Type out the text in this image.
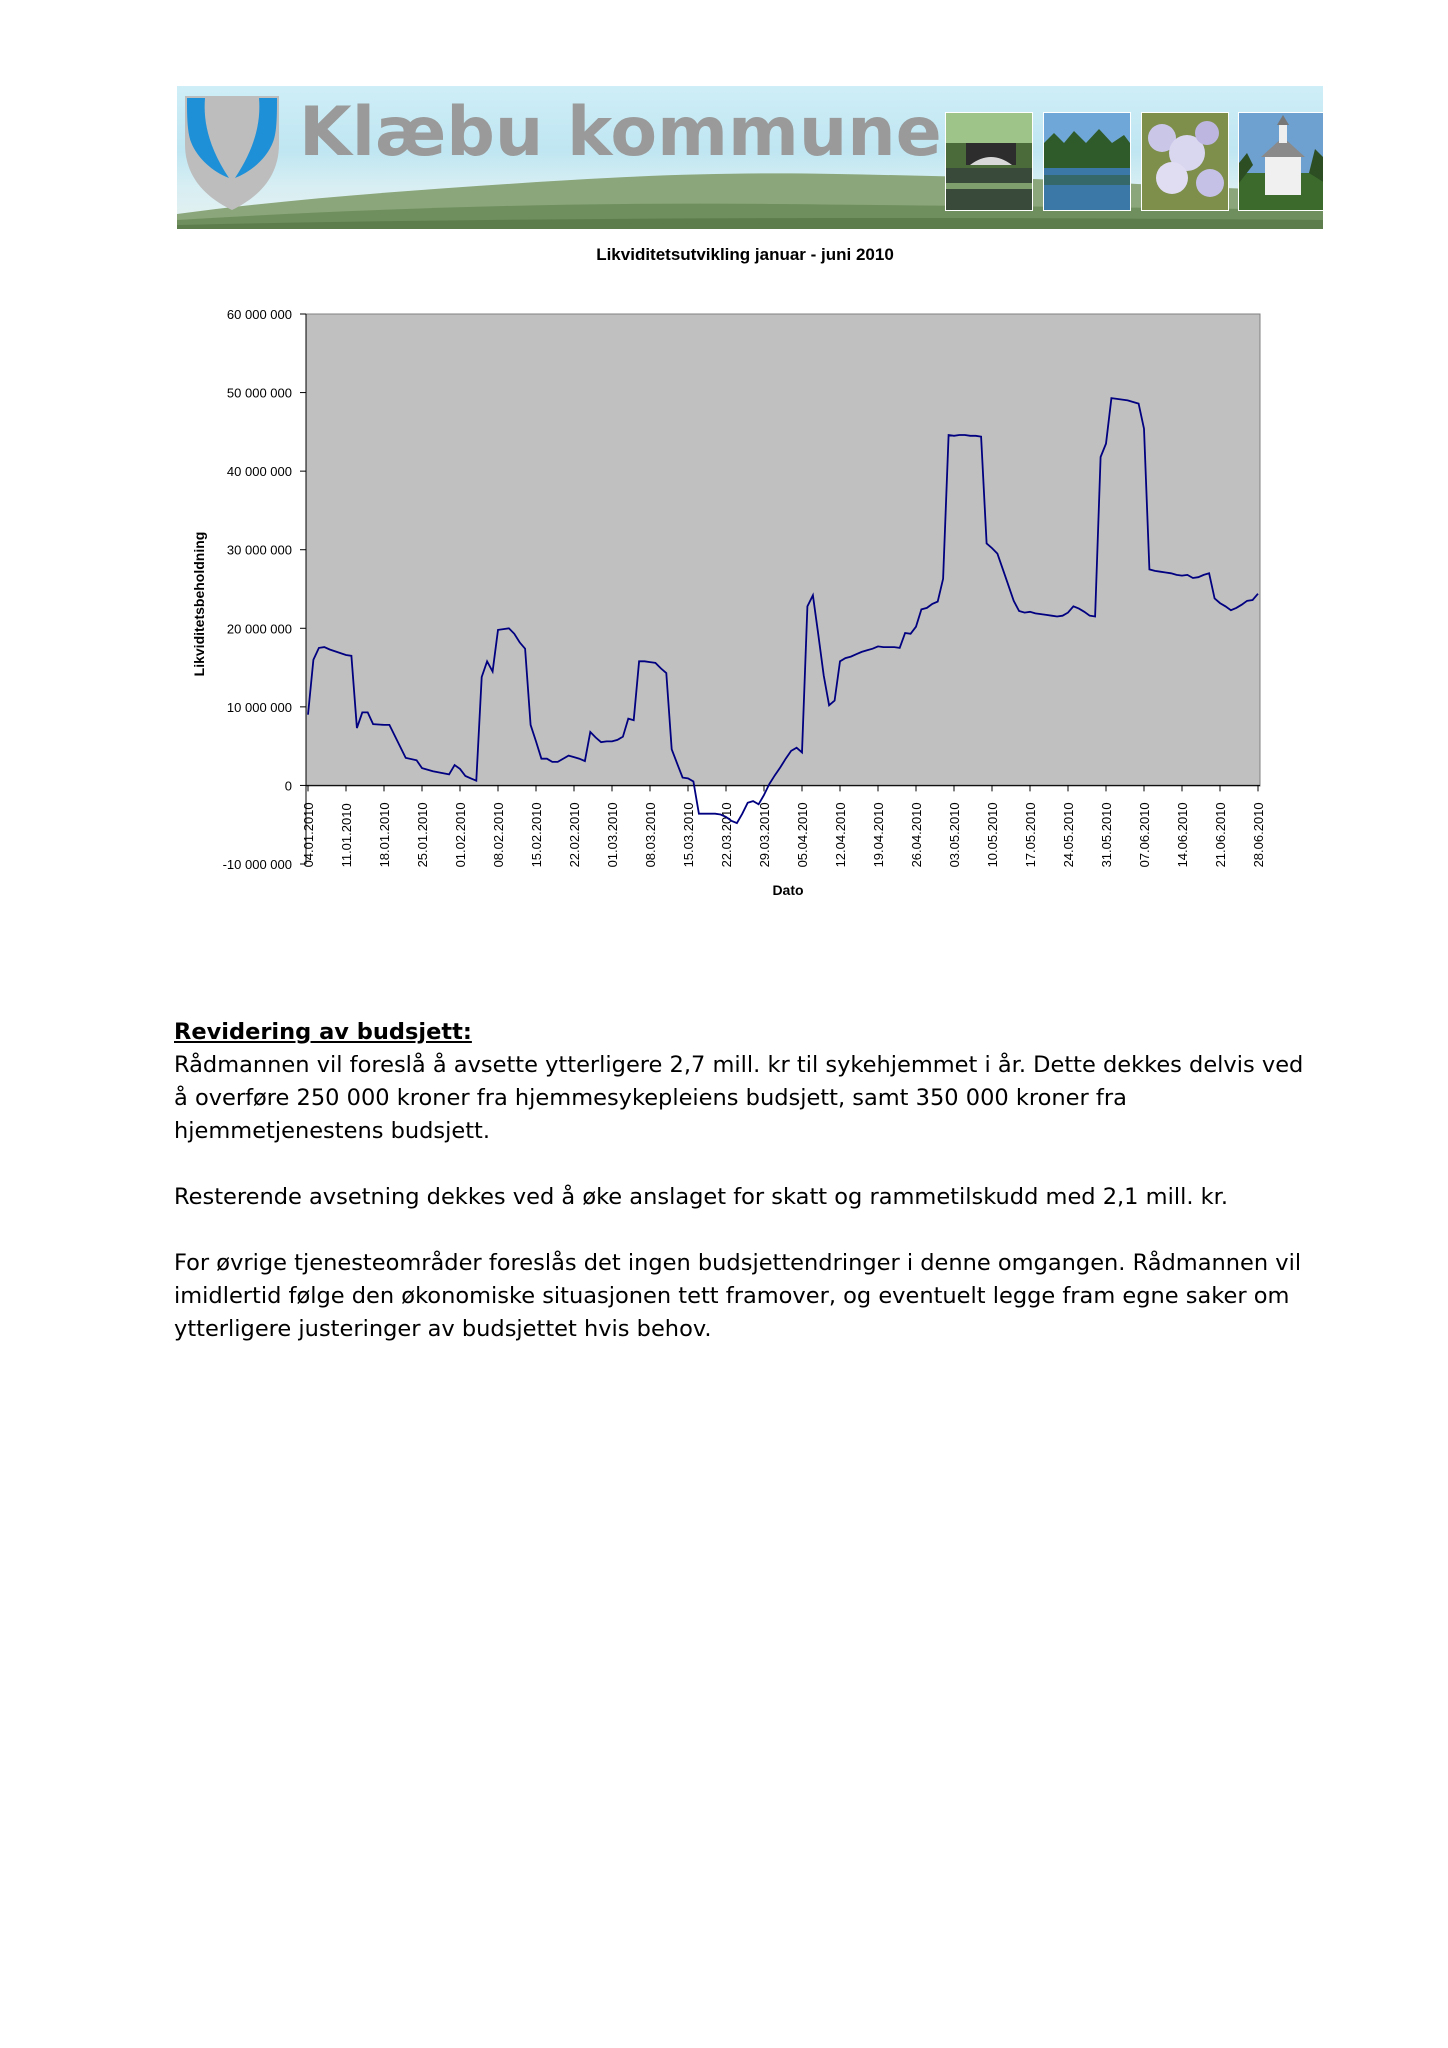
Klæbu kommune
Likviditetsutvikling januar - juni 2010
60 000 000
50 000 000
40 000 000
30 000 000
20 000 000
10 000 000
0
-10 000 000 04.01.2010 11.01.2010 18.01.2010 25.01.2010 01.02.2010 08.02.2010 15.02.2010 22.02.2010 01.03.2010 08.03.2010 15.03.2010 22.03.2010 29.03.2010 05.04.2010 12.04.2010 19.04.2010 26.04.2010 03.05.2010 10.05.2010 17.05.2010 24.05.2010 31.05.2010 07.06.2010 14.06.2010 21.06.2010 28.06.2010
Likviditetsbeholdning
Dato
Revidering av budsjett:

Rådmannen vil foreslå å avsette ytterligere 2,7 mill. kr til sykehjemmet i år. Dette dekkes delvis ved å overføre 250 000 kroner fra hjemmesykepleiens budsjett, samt 350 000 kroner fra hjemmetjenestens budsjett.

Resterende avsetning dekkes ved å øke anslaget for skatt og rammetilskudd med 2,1 mill. kr.

For øvrige tjenesteområder foreslås det ingen budsjettendringer i denne omgangen. Rådmannen vil imidlertid følge den økonomiske situasjonen tett framover, og eventuelt legge fram egne saker om ytterligere justeringer av budsjettet hvis behov.
